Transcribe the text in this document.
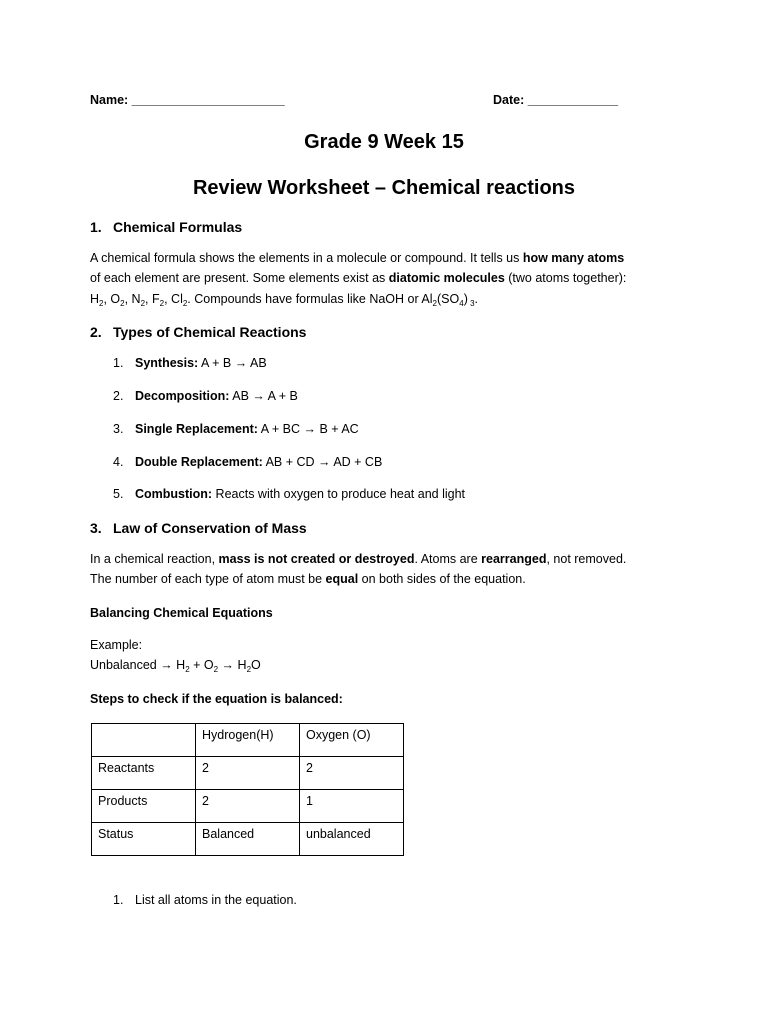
Name: ______________________	Date: _____________
Grade 9 Week 15
Review Worksheet – Chemical reactions
1. Chemical Formulas
A chemical formula shows the elements in a molecule or compound. It tells us how many atoms
of each element are present. Some elements exist as diatomic molecules (two atoms together):
$H_2$, $O_2$, $N_2$, $F_2$, $Cl_2$. Compounds have formulas like NaOH or $Al_2(SO_4)$ $_3$.
2. Types of Chemical Reactions
1. Synthesis: A + B → AB
2. Decomposition: AB → A + B
3. Single Replacement: A + BC → B + AC
4. Double Replacement: AB + CD → AD + CB
5. Combustion: Reacts with oxygen to produce heat and light
3. Law of Conservation of Mass
In a chemical reaction, mass is not created or destroyed. Atoms are rearranged, not removed.
The number of each type of atom must be equal on both sides of the equation.
Balancing Chemical Equations
Example:
Unbalanced → $H_2 + O_2 \to H_2O$
Steps to check if the equation is balanced:
	Hydrogen(H)	Oxygen (O)
Reactants	2	2
Products	2	1
Status	Balanced	unbalanced
1. List all atoms in the equation.
